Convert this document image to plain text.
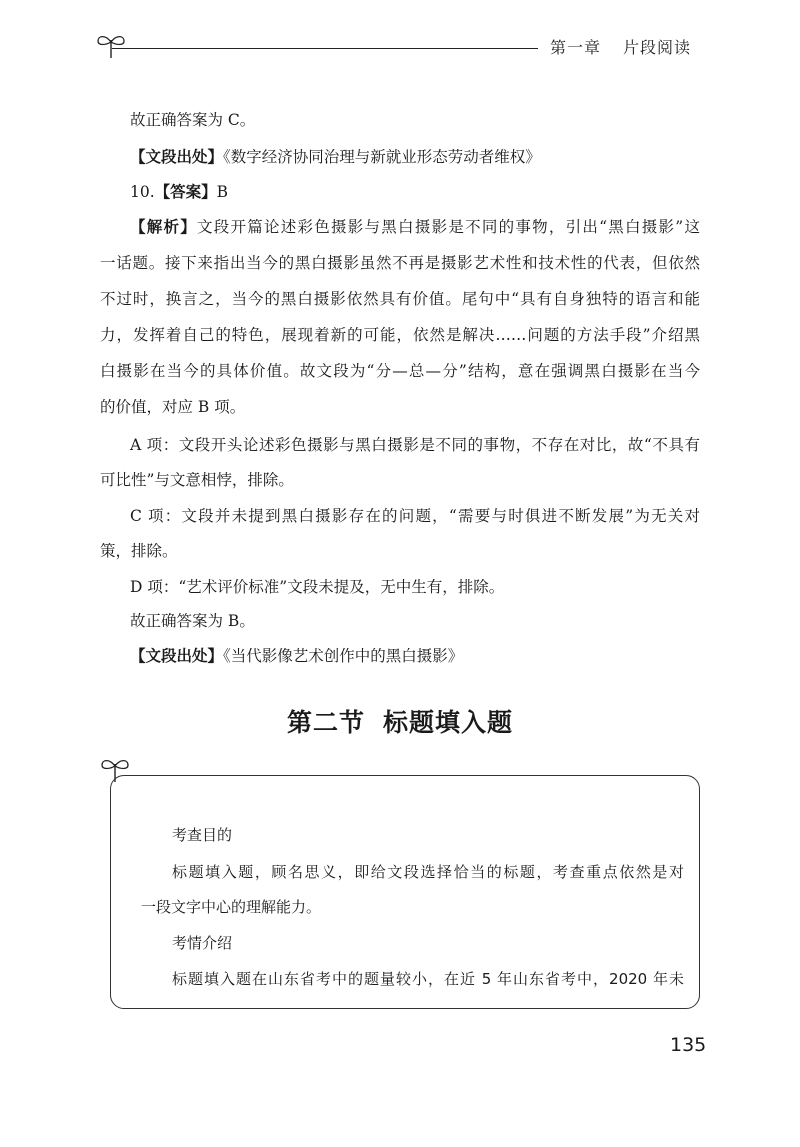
第一章 片段阅读
故正确答案为 C。
【文段出处】《数字经济协同治理与新就业形态劳动者维权》
10.【答案】B
【解析】文段开篇论述彩色摄影与黑白摄影是不同的事物，引出“黑白摄影”这
一话题。接下来指出当今的黑白摄影虽然不再是摄影艺术性和技术性的代表，但依然
不过时，换言之，当今的黑白摄影依然具有价值。尾句中“具有自身独特的语言和能
力，发挥着自己的特色，展现着新的可能，依然是解决……问题的方法手段”介绍黑
白摄影在当今的具体价值。故文段为“分—总—分”结构，意在强调黑白摄影在当今
的价值，对应 B 项。
A 项：文段开头论述彩色摄影与黑白摄影是不同的事物，不存在对比，故“不具有
可比性”与文意相悖，排除。
C 项：文段并未提到黑白摄影存在的问题，“需要与时俱进不断发展”为无关对
策，排除。
D 项：“艺术评价标准”文段未提及，无中生有，排除。
故正确答案为 B。
【文段出处】《当代影像艺术创作中的黑白摄影》
第二节 标题填入题
考查目的
标题填入题，顾名思义，即给文段选择恰当的标题，考查重点依然是对
一段文字中心的理解能力。
考情介绍
标题填入题在山东省考中的题量较小，在近 5 年山东省考中，2020 年未
135
